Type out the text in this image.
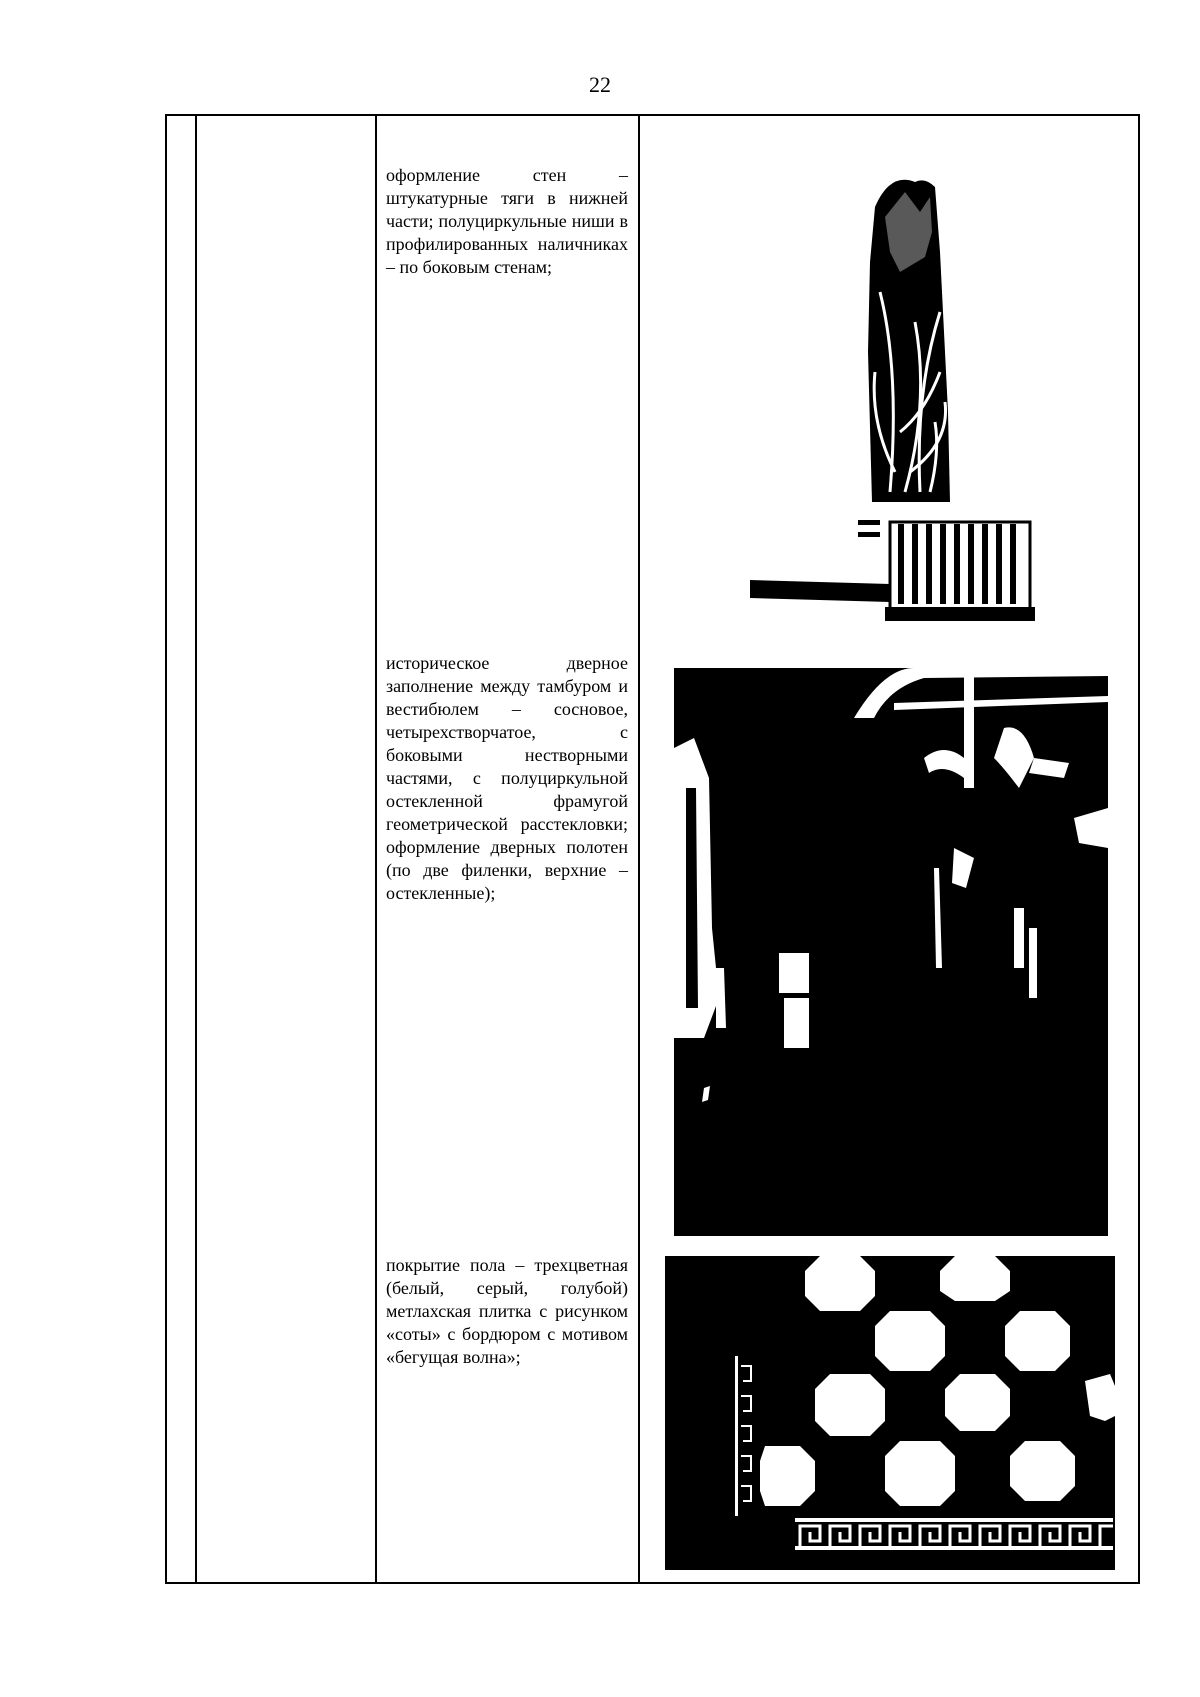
22
оформление стен – штукатурные тяги в нижней части; полуциркульные ниши в профилированных наличниках – по боковым стенам;
историческое дверное заполнение между тамбуром и вестибюлем – сосновое, четырехстворчатое, с боковыми нестворными частями, с полуциркульной остекленной фрамугой геометрической расстекловки; оформление дверных полотен (по две филенки, верхние – остекленные);
покрытие пола – трехцветная (белый, серый, голубой) метлахская плитка с рисунком «соты» с бордюром с мотивом «бегущая волна»;
